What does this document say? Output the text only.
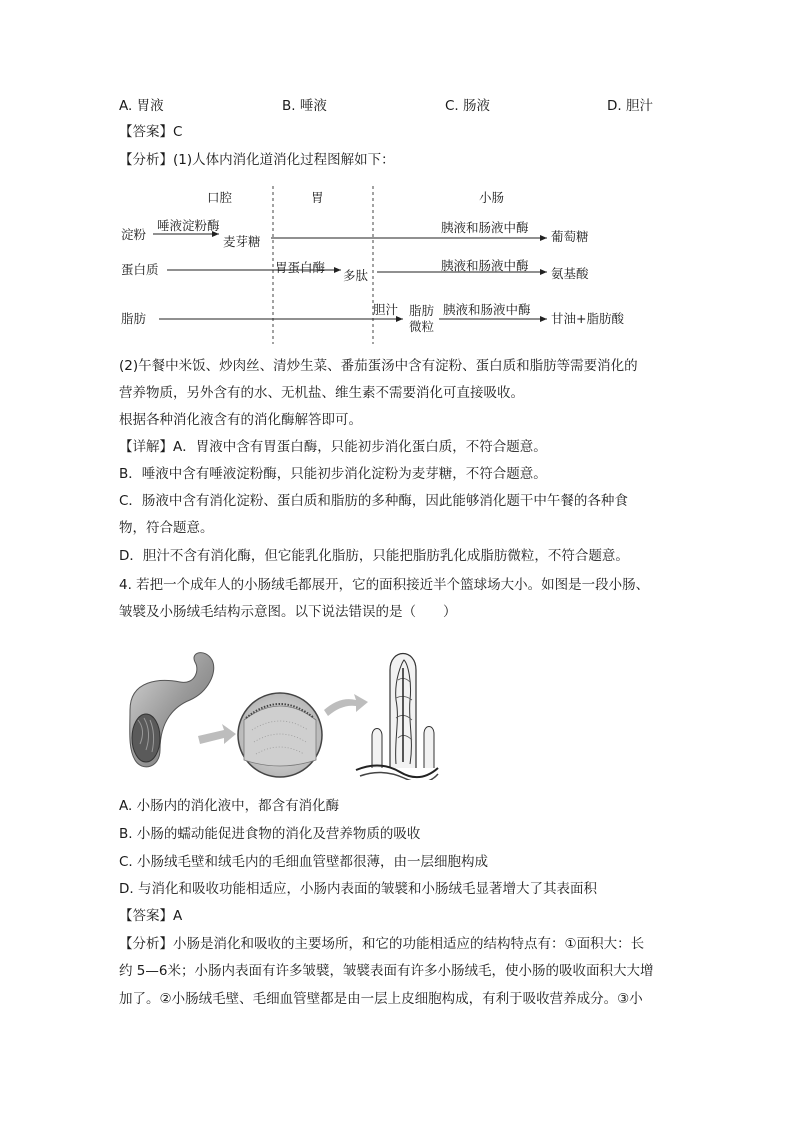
A. 胃液	B. 唾液	C. 肠液	D. 胆汁
【答案】C
【分析】(1)人体内消化道消化过程图解如下：
口腔	胃	小肠
淀粉
唾液淀粉酶
麦芽糖
胰液和肠液中酶
葡萄糖
蛋白质	胃蛋白酶
多肽
胰液和肠液中酶
氨基酸
脂肪
胆汁 脂肪
微粒
胰液和肠液中酶
甘油+脂肪酸
(2)午餐中米饭、炒肉丝、清炒生菜、番茄蛋汤中含有淀粉、蛋白质和脂肪等需要消化的
营养物质，另外含有的水、无机盐、维生素不需要消化可直接吸收。
根据各种消化液含有的消化酶解答即可。
【详解】A．胃液中含有胃蛋白酶，只能初步消化蛋白质，不符合题意。
B．唾液中含有唾液淀粉酶，只能初步消化淀粉为麦芽糖，不符合题意。
C．肠液中含有消化淀粉、蛋白质和脂肪的多种酶，因此能够消化题干中午餐的各种食
物，符合题意。
D．胆汁不含有消化酶，但它能乳化脂肪，只能把脂肪乳化成脂肪微粒，不符合题意。
4. 若把一个成年人的小肠绒毛都展开，它的面积接近半个篮球场大小。如图是一段小肠、
皱襞及小肠绒毛结构示意图。以下说法错误的是（　　）
A. 小肠内的消化液中，都含有消化酶
B. 小肠的蠕动能促进食物的消化及营养物质的吸收
C. 小肠绒毛壁和绒毛内的毛细血管壁都很薄，由一层细胞构成
D. 与消化和吸收功能相适应，小肠内表面的皱襞和小肠绒毛显著增大了其表面积
【答案】A
【分析】小肠是消化和吸收的主要场所，和它的功能相适应的结构特点有：①面积大：长
约 5—6米；小肠内表面有许多皱襞，皱襞表面有许多小肠绒毛，使小肠的吸收面积大大增
加了。②小肠绒毛壁、毛细血管壁都是由一层上皮细胞构成，有利于吸收营养成分。③小
